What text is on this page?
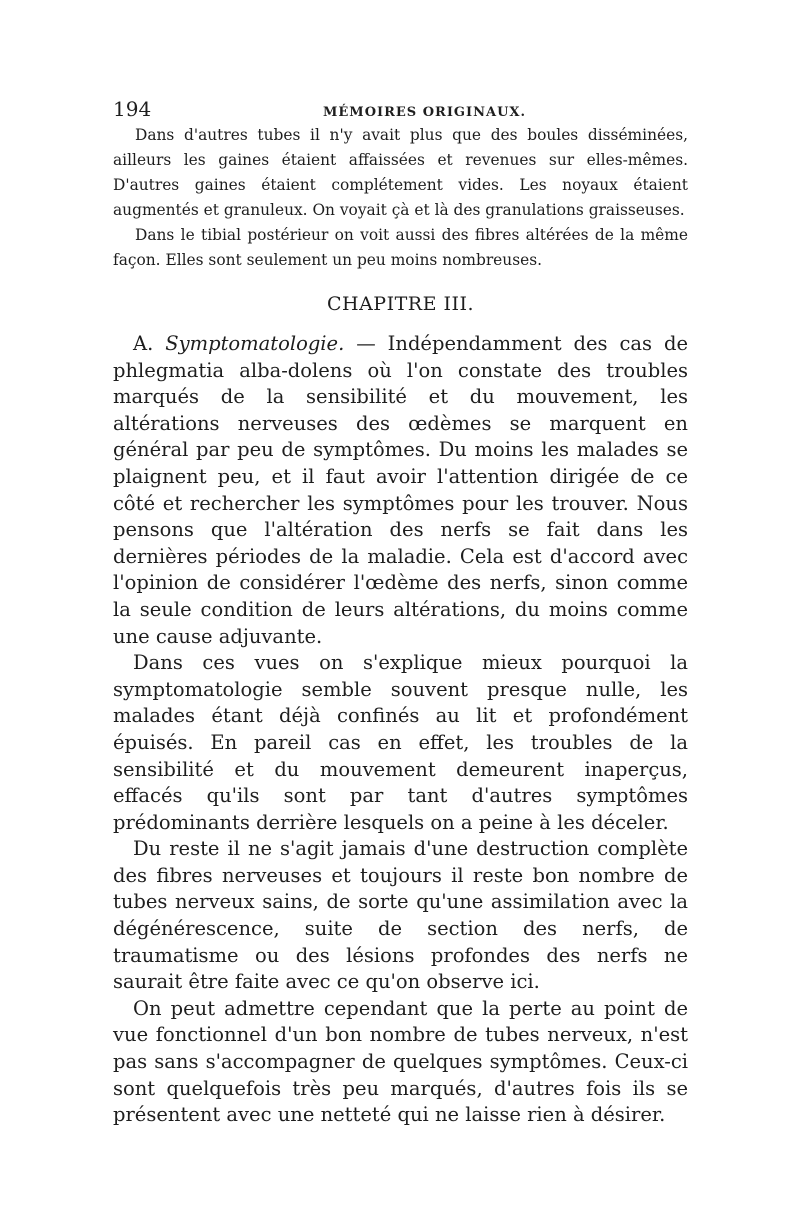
194	MÉMOIRES ORIGINAUX.

Dans d'autres tubes il n'y avait plus que des boules disséminées, ailleurs les gaines étaient affaissées et revenues sur elles-mêmes. D'autres gaines étaient complétement vides. Les noyaux étaient augmentés et granuleux. On voyait çà et là des granulations graisseuses.

Dans le tibial postérieur on voit aussi des fibres altérées de la même façon. Elles sont seulement un peu moins nombreuses.

CHAPITRE III.

A. Symptomatologie. — Indépendamment des cas de phlegmatia alba-dolens où l'on constate des troubles marqués de la sensibilité et du mouvement, les altérations nerveuses des œdèmes se marquent en général par peu de symptômes. Du moins les malades se plaignent peu, et il faut avoir l'attention dirigée de ce côté et rechercher les symptômes pour les trouver. Nous pensons que l'altération des nerfs se fait dans les dernières périodes de la maladie. Cela est d'accord avec l'opinion de considérer l'œdème des nerfs, sinon comme la seule condition de leurs altérations, du moins comme une cause adjuvante.

Dans ces vues on s'explique mieux pourquoi la symptomatologie semble souvent presque nulle, les malades étant déjà confinés au lit et profondément épuisés. En pareil cas en effet, les troubles de la sensibilité et du mouvement demeurent inaperçus, effacés qu'ils sont par tant d'autres symptômes prédominants derrière lesquels on a peine à les déceler.

Du reste il ne s'agit jamais d'une destruction complète des fibres nerveuses et toujours il reste bon nombre de tubes nerveux sains, de sorte qu'une assimilation avec la dégénérescence, suite de section des nerfs, de traumatisme ou des lésions profondes des nerfs ne saurait être faite avec ce qu'on observe ici.

On peut admettre cependant que la perte au point de vue fonctionnel d'un bon nombre de tubes nerveux, n'est pas sans s'accompagner de quelques symptômes. Ceux-ci sont quelquefois très peu marqués, d'autres fois ils se présentent avec une netteté qui ne laisse rien à désirer.
